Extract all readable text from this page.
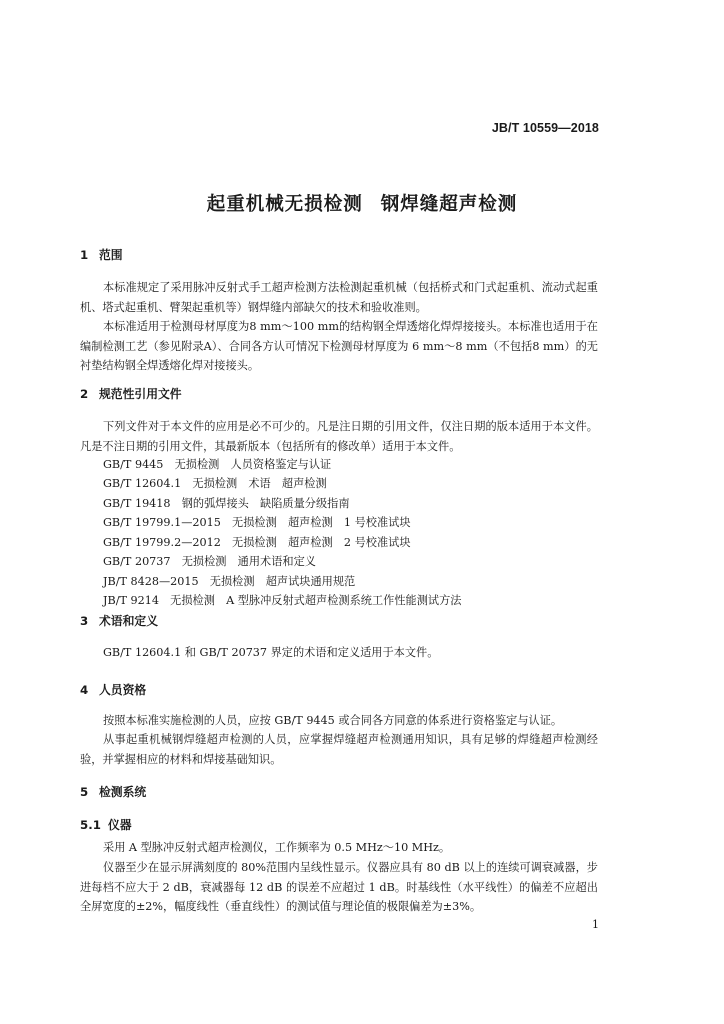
JB/T 10559—2018
起重机械无损检测 钢焊缝超声检测
1 范围

本标准规定了采用脉冲反射式手工超声检测方法检测起重机械（包括桥式和门式起重机、流动式起重机、塔式起重机、臂架起重机等）钢焊缝内部缺欠的技术和验收准则。

本标准适用于检测母材厚度为8 mm～100 mm的结构钢全焊透熔化焊焊接接头。本标准也适用于在编制检测工艺（参见附录A）、合同各方认可情况下检测母材厚度为 6 mm～8 mm（不包括8 mm）的无衬垫结构钢全焊透熔化焊对接接头。

2 规范性引用文件

下列文件对于本文件的应用是必不可少的。凡是注日期的引用文件，仅注日期的版本适用于本文件。凡是不注日期的引用文件，其最新版本（包括所有的修改单）适用于本文件。

GB/T 9445　无损检测　人员资格鉴定与认证

GB/T 12604.1　无损检测　术语　超声检测

GB/T 19418　钢的弧焊接头　缺陷质量分级指南

GB/T 19799.1—2015　无损检测　超声检测　1 号校准试块

GB/T 19799.2—2012　无损检测　超声检测　2 号校准试块

GB/T 20737　无损检测　通用术语和定义

JB/T 8428—2015　无损检测　超声试块通用规范

JB/T 9214　无损检测　A 型脉冲反射式超声检测系统工作性能测试方法

3 术语和定义

GB/T 12604.1 和 GB/T 20737 界定的术语和定义适用于本文件。

4 人员资格

按照本标准实施检测的人员，应按 GB/T 9445 或合同各方同意的体系进行资格鉴定与认证。

从事起重机械钢焊缝超声检测的人员，应掌握焊缝超声检测通用知识，具有足够的焊缝超声检测经验，并掌握相应的材料和焊接基础知识。

5 检测系统
5.1 仪器

采用 A 型脉冲反射式超声检测仪，工作频率为 0.5 MHz～10 MHz。

仪器至少在显示屏满刻度的 80%范围内呈线性显示。仪器应具有 80 dB 以上的连续可调衰减器，步进每档不应大于 2 dB，衰减器每 12 dB 的误差不应超过 1 dB。时基线性（水平线性）的偏差不应超出全屏宽度的±2%，幅度线性（垂直线性）的测试值与理论值的极限偏差为±3%。

1
